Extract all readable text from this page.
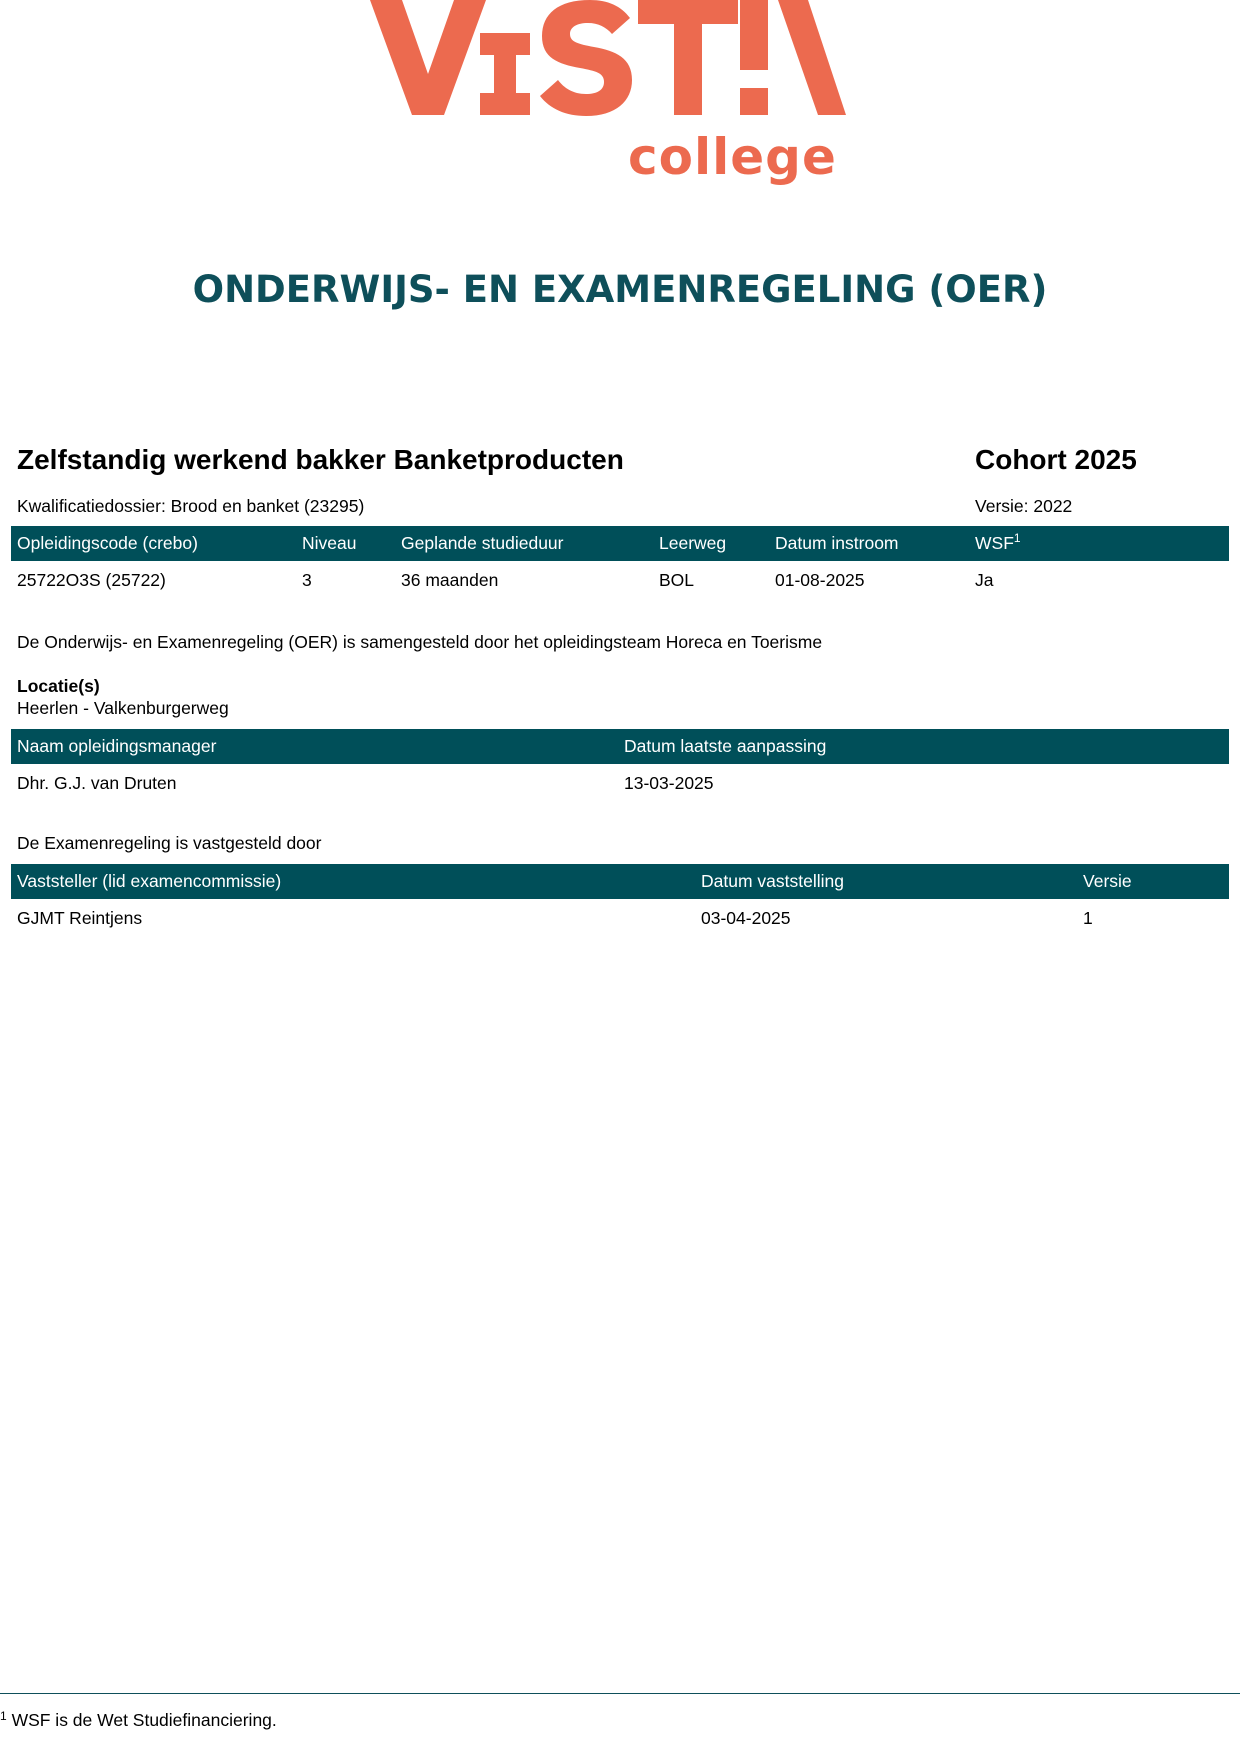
college
ONDERWIJS- EN EXAMENREGELING (OER)
Zelfstandig werkend bakker Banketproducten	Cohort 2025
Kwalificatiedossier: Brood en banket (23295)	Versie: 2022
Opleidingscode (crebo)	Niveau	Geplande studieduur	Leerweg	Datum instroom	WSF$^1$
25722O3S (25722)	3	36 maanden	BOL	01-08-2025	Ja
De Onderwijs- en Examenregeling (OER) is samengesteld door het opleidingsteam Horeca en Toerisme
Locatie(s)
Heerlen - Valkenburgerweg
Naam opleidingsmanager	Datum laatste aanpassing
Dhr. G.J. van Druten	13-03-2025
De Examenregeling is vastgesteld door
Vaststeller (lid examencommissie)	Datum vaststelling	Versie
GJMT Reintjens	03-04-2025	1
$^1$ WSF is de Wet Studiefinanciering.
